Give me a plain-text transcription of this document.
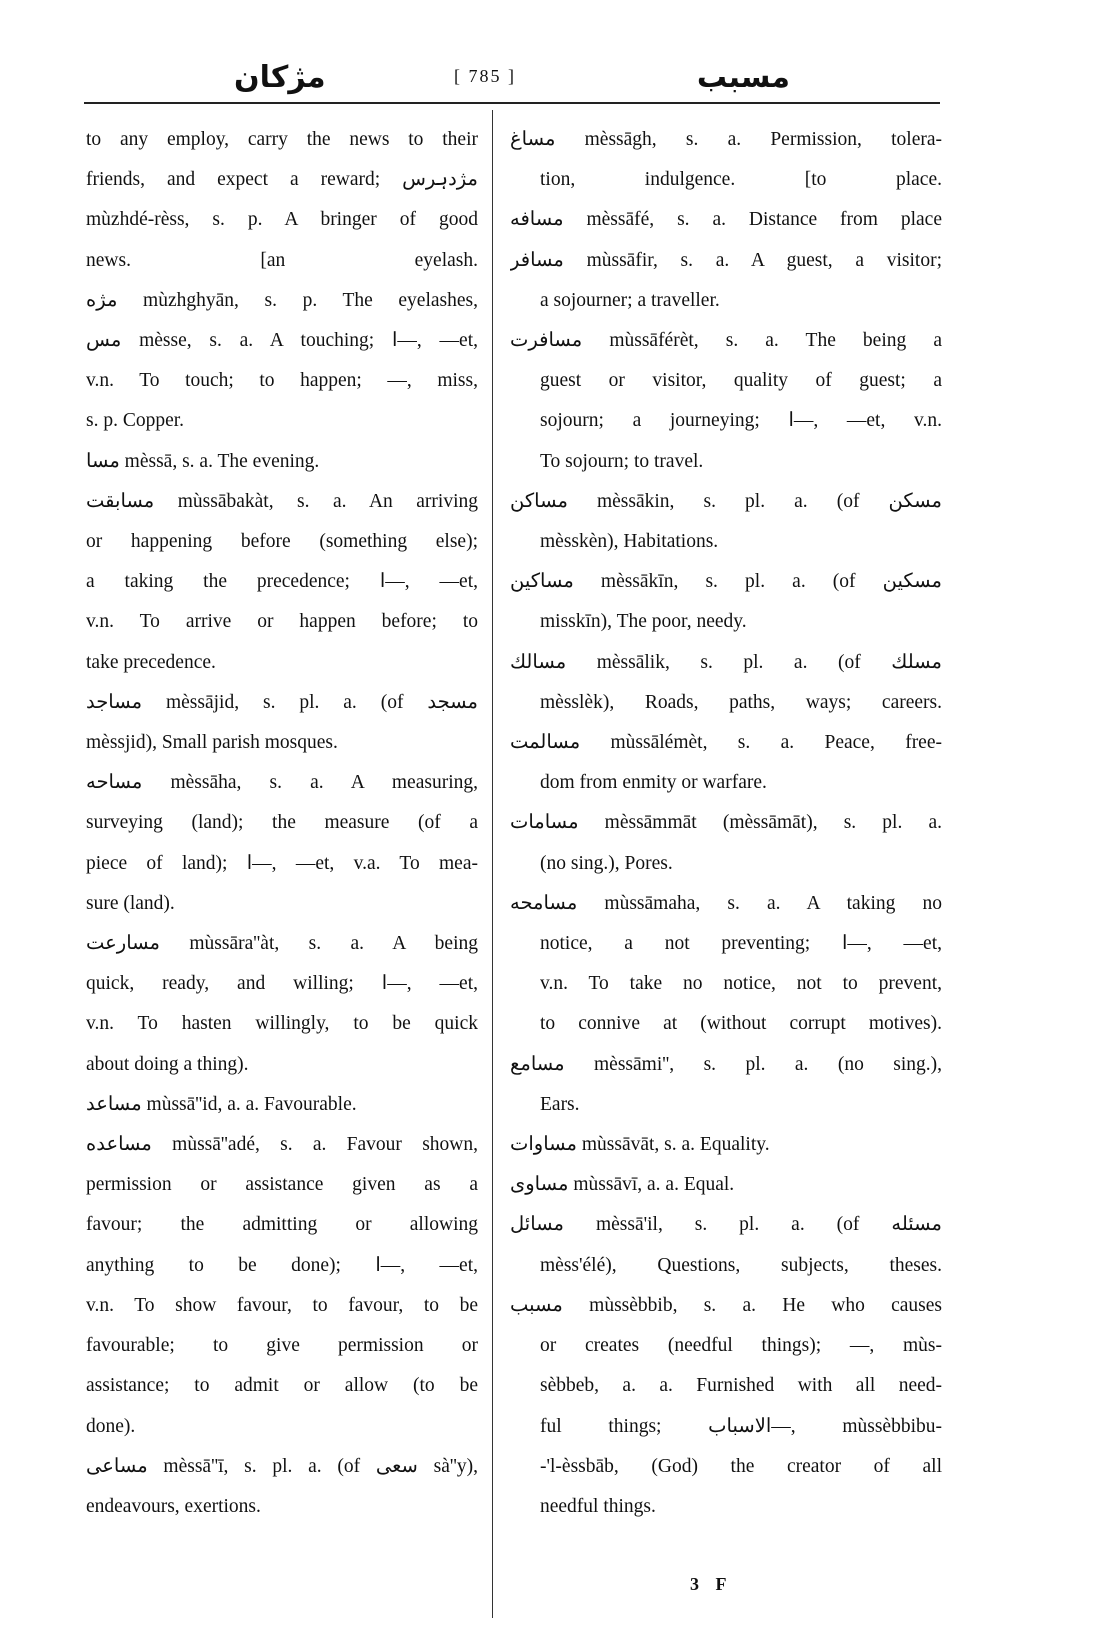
مژكان	[ 785 ]	مسبب
to any employ, carry the news to their
friends, and expect a reward; مژدہرس
mùzhdé-rèss, s. p. A bringer of good
news. [an eyelash.
مژه mùzhghyān, s. p. The eyelashes,
مس mèsse, s. a. A touching; ا—, —et,
v.n. To touch; to happen; —, miss,
s. p. Copper.
مسا mèssā, s. a. The evening.
مسابقت mùssābakàt, s. a. An arriving
or happening before (something else);
a taking the precedence; ا—, —et,
v.n. To arrive or happen before; to
take precedence.
مساجد mèssājid, s. pl. a. (of مسجد
mèssjid), Small parish mosques.
مساحه mèssāha, s. a. A measuring,
surveying (land); the measure (of a
piece of land); ا—, —et, v.a. To mea-
sure (land).
مسارعت mùssāra''àt, s. a. A being
quick, ready, and willing; ا—, —et,
v.n. To hasten willingly, to be quick
about doing a thing).
مساعد mùssā''id, a. a. Favourable.
مساعده mùssā''adé, s. a. Favour shown,
permission or assistance given as a
favour; the admitting or allowing
anything to be done); ا—, —et,
v.n. To show favour, to favour, to be
favourable; to give permission or
assistance; to admit or allow (to be
done).
مساعی mèssā''ī, s. pl. a. (of سعی sà''y),
endeavours, exertions.
مساغ mèssāgh, s. a. Permission, tolera-
tion, indulgence. [to place.
مسافه mèssāfé, s. a. Distance from place
مسافر mùssāfir, s. a. A guest, a visitor;
a sojourner; a traveller.
مسافرت mùssāférèt, s. a. The being a
guest or visitor, quality of guest; a
sojourn; a journeying; ا—, —et, v.n.
To sojourn; to travel.
مساكن mèssākin, s. pl. a. (of مسكن
mèsskèn), Habitations.
مساكين mèssākīn, s. pl. a. (of مسكين
misskīn), The poor, needy.
مسالك mèssālik, s. pl. a. (of مسلك
mèsslèk), Roads, paths, ways; careers.
مسالمت mùssālémèt, s. a. Peace, free-
dom from enmity or warfare.
مسامات mèssāmmāt (mèssāmāt), s. pl. a.
(no sing.), Pores.
مسامحه mùssāmaha, s. a. A taking no
notice, a not preventing; ا—, —et,
v.n. To take no notice, not to prevent,
to connive at (without corrupt motives).
مسامع mèssāmi'', s. pl. a. (no sing.),
Ears.
مساوات mùssāvāt, s. a. Equality.
مساوی mùssāvī, a. a. Equal.
مسائل mèssā'il, s. pl. a. (of مسئله
mèss'élé), Questions, subjects, theses.
مسبب mùssèbbib, s. a. He who causes
or creates (needful things); —, mùs-
sèbbeb, a. a. Furnished with all need-
ful things; الاسباب—, mùssèbbibu-
-'l-èssbāb, (God) the creator of all
needful things.
3 F
